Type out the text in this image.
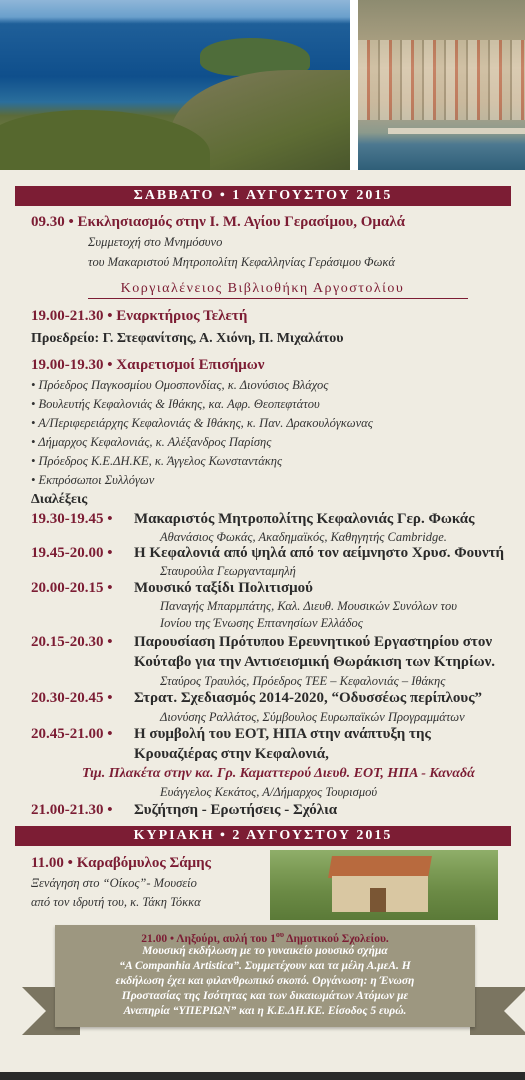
ΣΑΒΒΑΤΟ • 1 ΑΥΓΟΥΣΤΟΥ 2015
09.30 • Εκκλησιασμός στην Ι. Μ. Αγίου Γερασίμου, Ομαλά
Συμμετοχή στο Μνημόσυνο
του Μακαριστού Μητροπολίτη Κεφαλληνίας Γεράσιμου Φωκά
Κοργιαλένειος Βιβλιοθήκη Αργοστολίου
19.00-21.30 • Εναρκτήριος Τελετή
Προεδρείο: Γ. Στεφανίτσης, Α. Χιόνη, Π. Μιχαλάτου
19.00-19.30 • Χαιρετισμοί Επισήμων
• Πρόεδρος Παγκοσμίου Ομοσπονδίας, κ. Διονύσιος Βλάχος
• Βουλευτής Κεφαλονιάς & Ιθάκης, κα. Αφρ. Θεοπεφτάτου
• Α/Περιφερειάρχης Κεφαλονιάς & Ιθάκης, κ. Παν. Δρακουλόγκωνας
• Δήμαρχος Κεφαλονιάς, κ. Αλέξανδρος Παρίσης
• Πρόεδρος Κ.Ε.ΔΗ.ΚΕ, κ. Άγγελος Κωνσταντάκης
• Εκπρόσωποι Συλλόγων
Διαλέξεις
19.30-19.45 • Μακαριστός Μητροπολίτης Κεφαλονιάς Γερ. Φωκάς
Αθανάσιος Φωκάς, Ακαδημαϊκός, Καθηγητής Cambridge.
19.45-20.00 • Η Κεφαλονιά από ψηλά από τον αείμνηστο Χρυσ. Φουντή
Σταυρούλα Γεωργανταμηλή
20.00-20.15 • Μουσικό ταξίδι Πολιτισμού
Παναγής Μπαρμπάτης, Καλ. Διευθ. Μουσικών Συνόλων του
Ιονίου της Ένωσης Επτανησίων Ελλάδος
20.15-20.30 • Παρουσίαση Πρότυπου Ερευνητικού Εργαστηρίου στον
Κούταβο για την Αντισεισμική Θωράκιση των Κτηρίων.
Σταύρος Τραυλός, Πρόεδρος ΤΕΕ – Κεφαλονιάς – Ιθάκης
20.30-20.45 • Στρατ. Σχεδιασμός 2014-2020, “Οδυσσέως περίπλους”
Διονύσης Ραλλάτος, Σύμβουλος Ευρωπαϊκών Προγραμμάτων
20.45-21.00 • Η συμβολή του ΕΟΤ, ΗΠΑ στην ανάπτυξη της
Κρουαζιέρας στην Κεφαλονιά,
Τιμ. Πλακέτα στην κα. Γρ. Καματτερού Διευθ. ΕΟΤ, ΗΠΑ - Καναδά
Ευάγγελος Κεκάτος, Α/Δήμαρχος Τουρισμού
21.00-21.30 • Συζήτηση - Ερωτήσεις - Σχόλια
ΚΥΡΙΑΚΗ • 2 ΑΥΓΟΥΣΤΟΥ 2015
11.00 • Καραβόμυλος Σάμης
Ξενάγηση στο “Οίκος”- Μουσείο
από τον ιδρυτή του, κ. Τάκη Τόκκα
21.00 • Ληξούρι, αυλή του $1^{o\upsilon}$ Δημοτικού Σχολείου.
Μουσική εκδήλωση με το γυναικείο μουσικό σχήμα
“A Companhia Artistica”. Συμμετέχουν και τα μέλη Α.μεΑ. Η
εκδήλωση έχει και φιλανθρωπικό σκοπό. Οργάνωση: η Ένωση
Προστασίας της Ισότητας και των δικαιωμάτων Ατόμων με
Αναπηρία “ΥΠΕΡΙΩΝ” και η Κ.Ε.ΔΗ.ΚΕ. Είσοδος 5 ευρώ.
